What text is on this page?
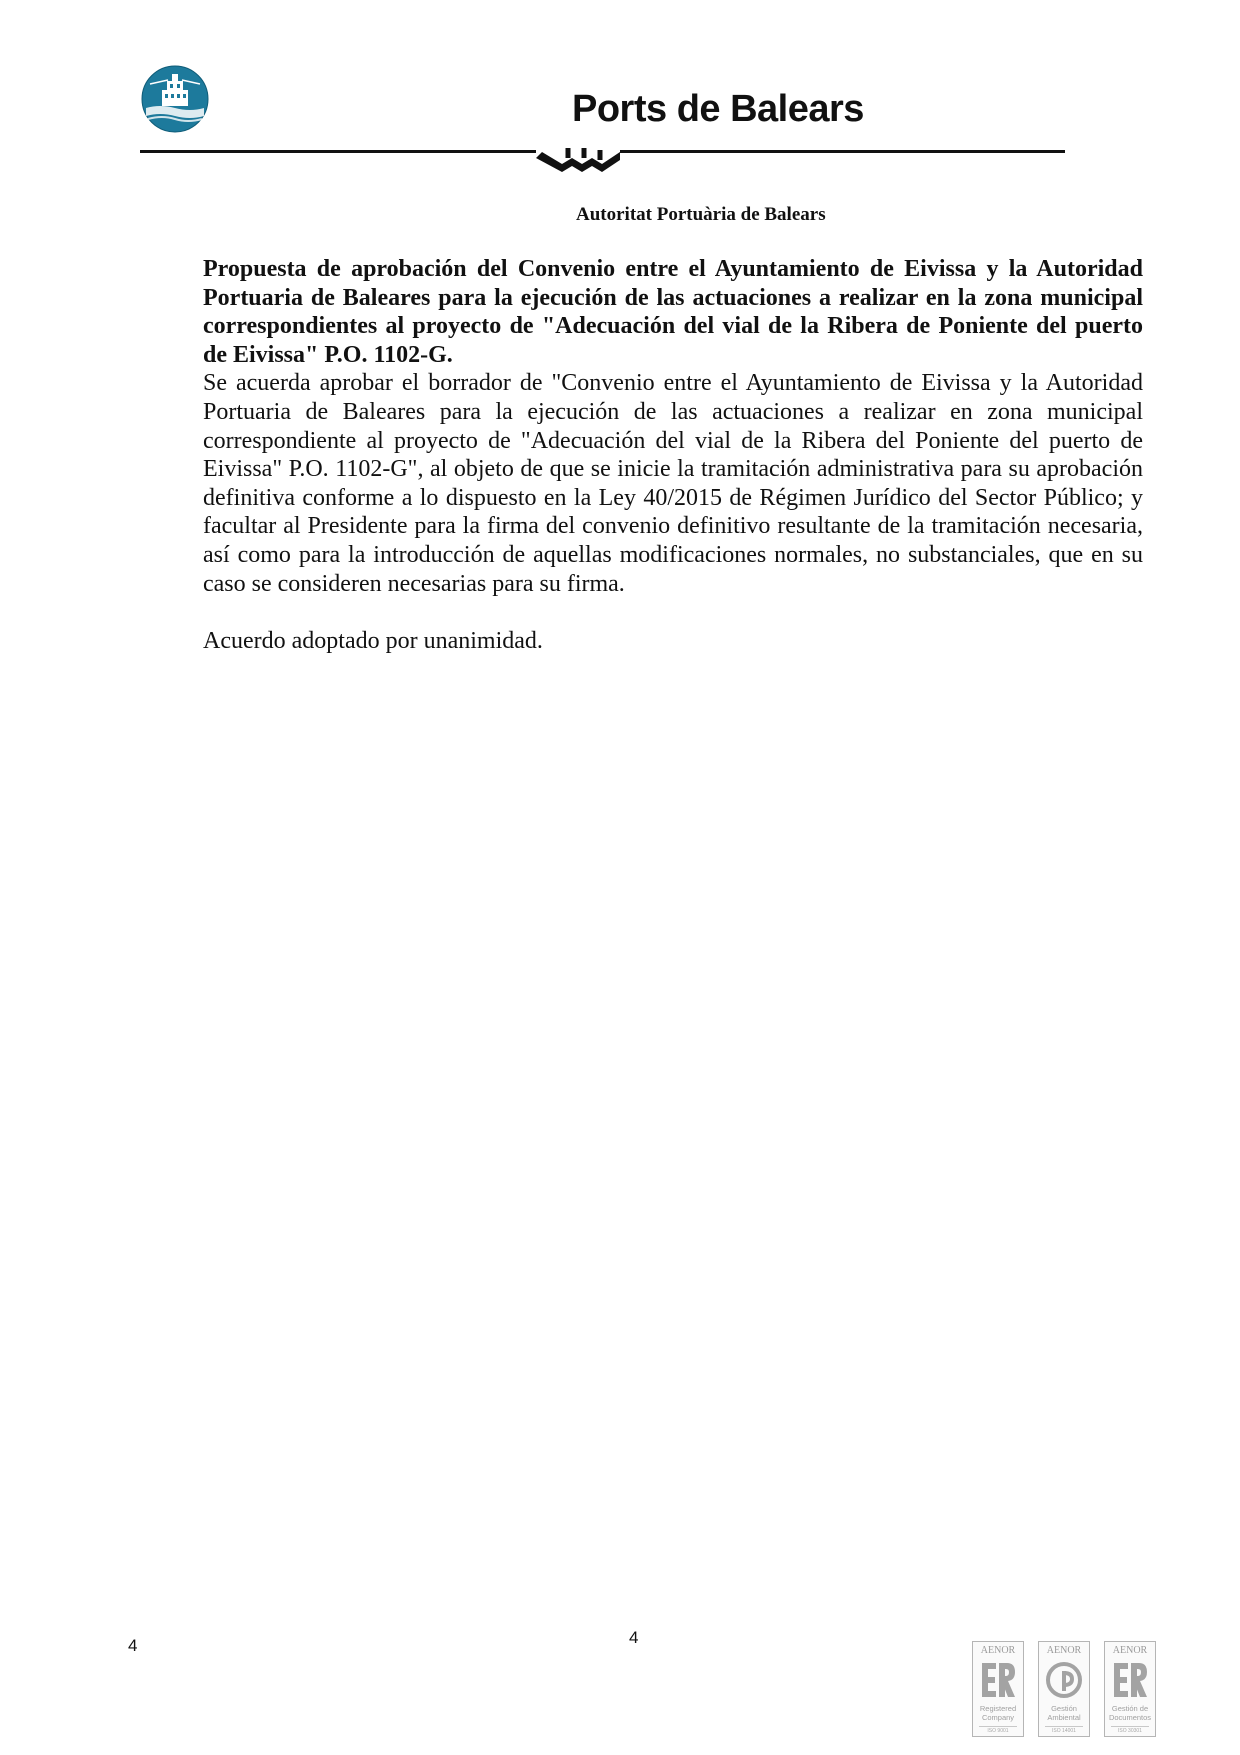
Ports de Balears
Autoritat Portuària de Balears

Propuesta de aprobación del Convenio entre el Ayuntamiento de Eivissa y la Autoridad Portuaria de Baleares para la ejecución de las actuaciones a realizar en la zona municipal correspondientes al proyecto de "Adecuación del vial de la Ribera de Poniente del puerto de Eivissa" P.O. 1102-G.

Se acuerda aprobar el borrador de "Convenio entre el Ayuntamiento de Eivissa y la Autoridad Portuaria de Baleares para la ejecución de las actuaciones a realizar en zona municipal correspondiente al proyecto de "Adecuación del vial de la Ribera del Poniente del puerto de Eivissa" P.O. 1102-G", al objeto de que se inicie la tramitación administrativa para su aprobación definitiva conforme a lo dispuesto en la Ley 40/2015 de Régimen Jurídico del Sector Público; y facultar al Presidente para la firma del convenio definitivo resultante de la tramitación necesaria, así como para la introducción de aquellas modificaciones normales, no substanciales, que en su caso se consideren necesarias para su firma.

Acuerdo adoptado por unanimidad.

4	4
AENOR
Registered Company
ISO 9001
AENOR
Gestión Ambiental
ISO 14001
AENOR
Gestión de Documentos
ISO 30301
